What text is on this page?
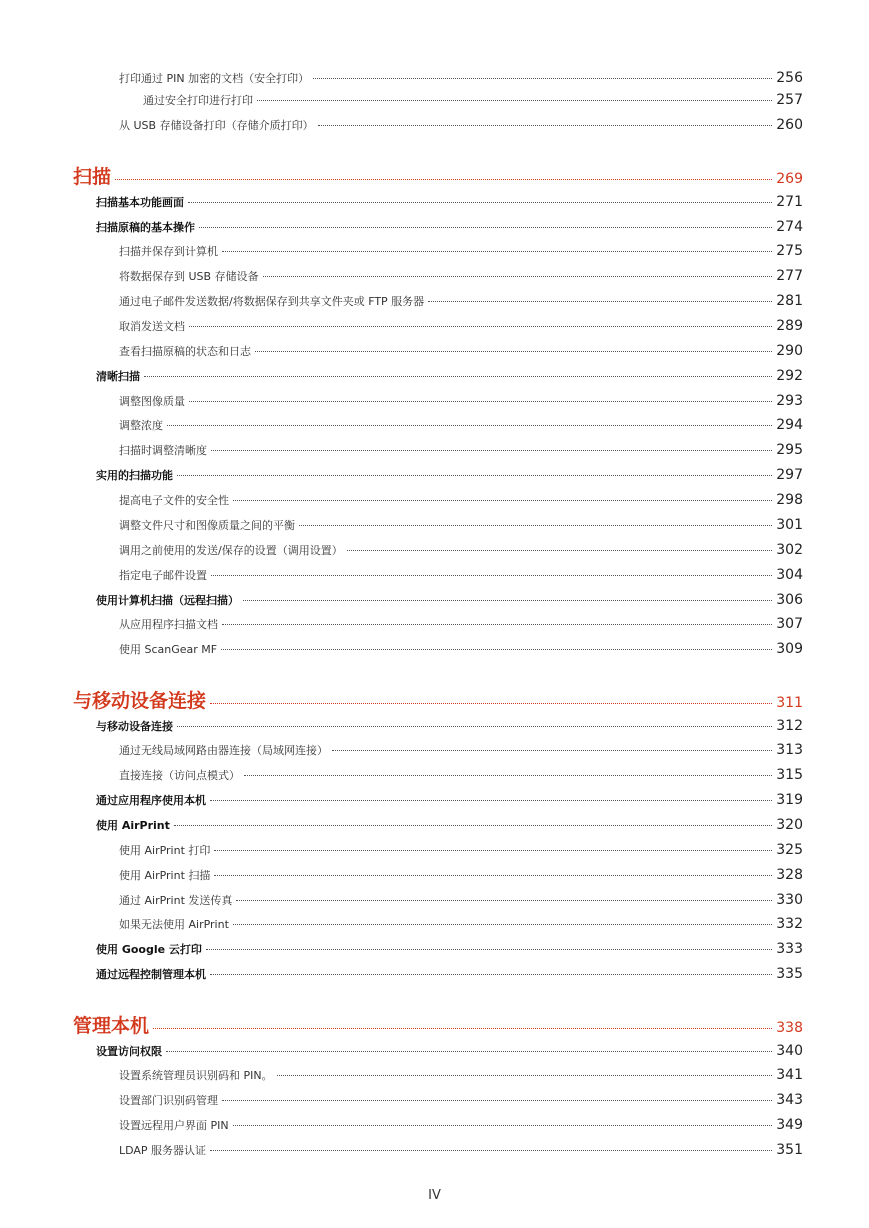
打印通过 PIN 加密的文档（安全打印）	256
通过安全打印进行打印	257
从 USB 存储设备打印（存储介质打印）	260
扫描	269
扫描基本功能画面	271
扫描原稿的基本操作	274
扫描并保存到计算机	275
将数据保存到 USB 存储设备	277
通过电子邮件发送数据/将数据保存到共享文件夹或 FTP 服务器	281
取消发送文档	289
查看扫描原稿的状态和日志	290
清晰扫描	292
调整图像质量	293
调整浓度	294
扫描时调整清晰度	295
实用的扫描功能	297
提高电子文件的安全性	298
调整文件尺寸和图像质量之间的平衡	301
调用之前使用的发送/保存的设置（调用设置）	302
指定电子邮件设置	304
使用计算机扫描（远程扫描）	306
从应用程序扫描文档	307
使用 ScanGear MF	309
与移动设备连接	311
与移动设备连接	312
通过无线局域网路由器连接（局域网连接）	313
直接连接（访问点模式）	315
通过应用程序使用本机	319
使用 AirPrint	320
使用 AirPrint 打印	325
使用 AirPrint 扫描	328
通过 AirPrint 发送传真	330
如果无法使用 AirPrint	332
使用 Google 云打印	333
通过远程控制管理本机	335
管理本机	338
设置访问权限	340
设置系统管理员识别码和 PIN。	341
设置部门识别码管理	343
设置远程用户界面 PIN	349
LDAP 服务器认证	351
IV
